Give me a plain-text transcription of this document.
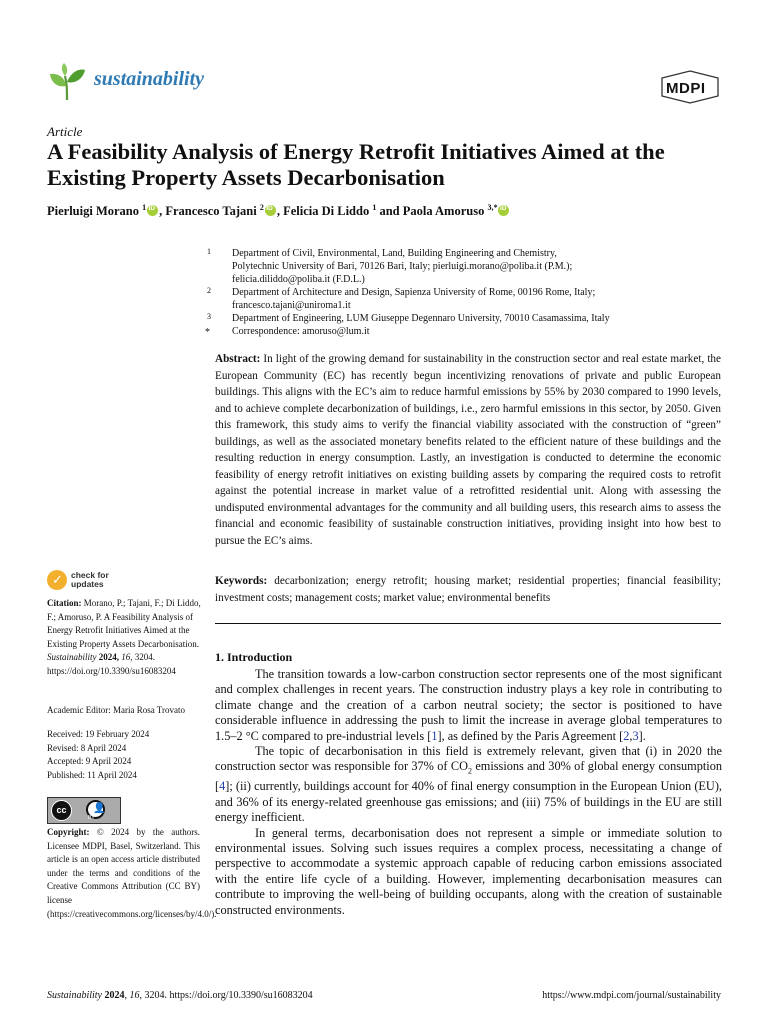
sustainability	MDPI
Article
A Feasibility Analysis of Energy Retrofit Initiatives Aimed at the Existing Property Assets Decarbonisation
Pierluigi Morano $^1$ iD , Francesco Tajani $^2$ iD , Felicia Di Liddo $^1$ and Paola Amoruso $^{3,*}$iD
1 Department of Civil, Environmental, Land, Building Engineering and Chemistry,
Polytechnic University of Bari, 70126 Bari, Italy; pierluigi.morano@poliba.it (P.M.);
felicia.diliddo@poliba.it (F.D.L.)
2 Department of Architecture and Design, Sapienza University of Rome, 00196 Rome, Italy;
francesco.tajani@uniroma1.it
3 Department of Engineering, LUM Giuseppe Degennaro University, 70010 Casamassima, Italy
* Correspondence: amoruso@lum.it
Abstract: In light of the growing demand for sustainability in the construction sector and real estate market, the European Community (EC) has recently begun incentivizing renovations of private and public European buildings. This aligns with the EC’s aim to reduce harmful emissions by 55% by 2030 compared to 1990 levels, and to achieve complete decarbonization of buildings, i.e., zero harmful emissions in this sector, by 2050. Given this framework, this study aims to verify the financial viability associated with the construction of “green” buildings, as well as the associated monetary benefits related to the efficient nature of these buildings and the resulting reduction in energy consumption. Lastly, an investigation is conducted to determine the economic feasibility of energy retrofit initiatives on existing building assets by comparing the required costs to retrofit against the potential increase in market value of a retrofitted residential unit. Along with assessing the undisputed environmental advantages for the community and all building users, this research aims to assess the financial and economic feasibility of sustainable construction initiatives, providing insight into how best to pursue the EC’s aims.
Keywords: decarbonization; energy retrofit; housing market; residential properties; financial feasibility; investment costs; management costs; market value; environmental benefits
✓ check for
updates
Citation: Morano, P.; Tajani, F.; Di Liddo, F.; Amoruso, P. A Feasibility Analysis of Energy Retrofit Initiatives Aimed at the Existing Property Assets Decarbonisation. Sustainability 2024, 16, 3204. https://doi.org/10.3390/su16083204
Academic Editor: Maria Rosa Trovato
Received: 19 February 2024
Revised: 8 April 2024
Accepted: 9 April 2024
Published: 11 April 2024
cc	👤
BY
Copyright: © 2024 by the authors. Licensee MDPI, Basel, Switzerland. This article is an open access article distributed under the terms and conditions of the Creative Commons Attribution (CC BY) license (https://creativecommons.org/licenses/by/4.0/).
1. Introduction

The transition towards a low-carbon construction sector represents one of the most significant and complex challenges in recent years. The construction industry plays a key role in contributing to climate change and the creation of a carbon neutral society; the sector is positioned to have considerable influence in addressing the push to limit the increase in average global temperatures to 1.5–2 °C compared to pre-industrial levels [1], as defined by the Paris Agreement [2,3].

The topic of decarbonisation in this field is extremely relevant, given that (i) in 2020 the construction sector was responsible for 37% of $CO_2$ emissions and 30% of global energy consumption [4]; (ii) currently, buildings account for 40% of final energy consumption in the European Union (EU), and 36% of its energy-related greenhouse gas emissions; and (iii) 75% of buildings in the EU are still energy inefficient.

In general terms, decarbonisation does not represent a simple or immediate solution to environmental issues. Solving such issues requires a complex process, necessitating a change of perspective to accommodate a systemic approach capable of reducing carbon emissions associated with the entire life cycle of a building. However, implementing decarbonisation measures can contribute to improving the well-being of building occupants, along with the creation of sustainable constructed environments.

Sustainability 2024, 16, 3204. https://doi.org/10.3390/su16083204	https://www.mdpi.com/journal/sustainability
